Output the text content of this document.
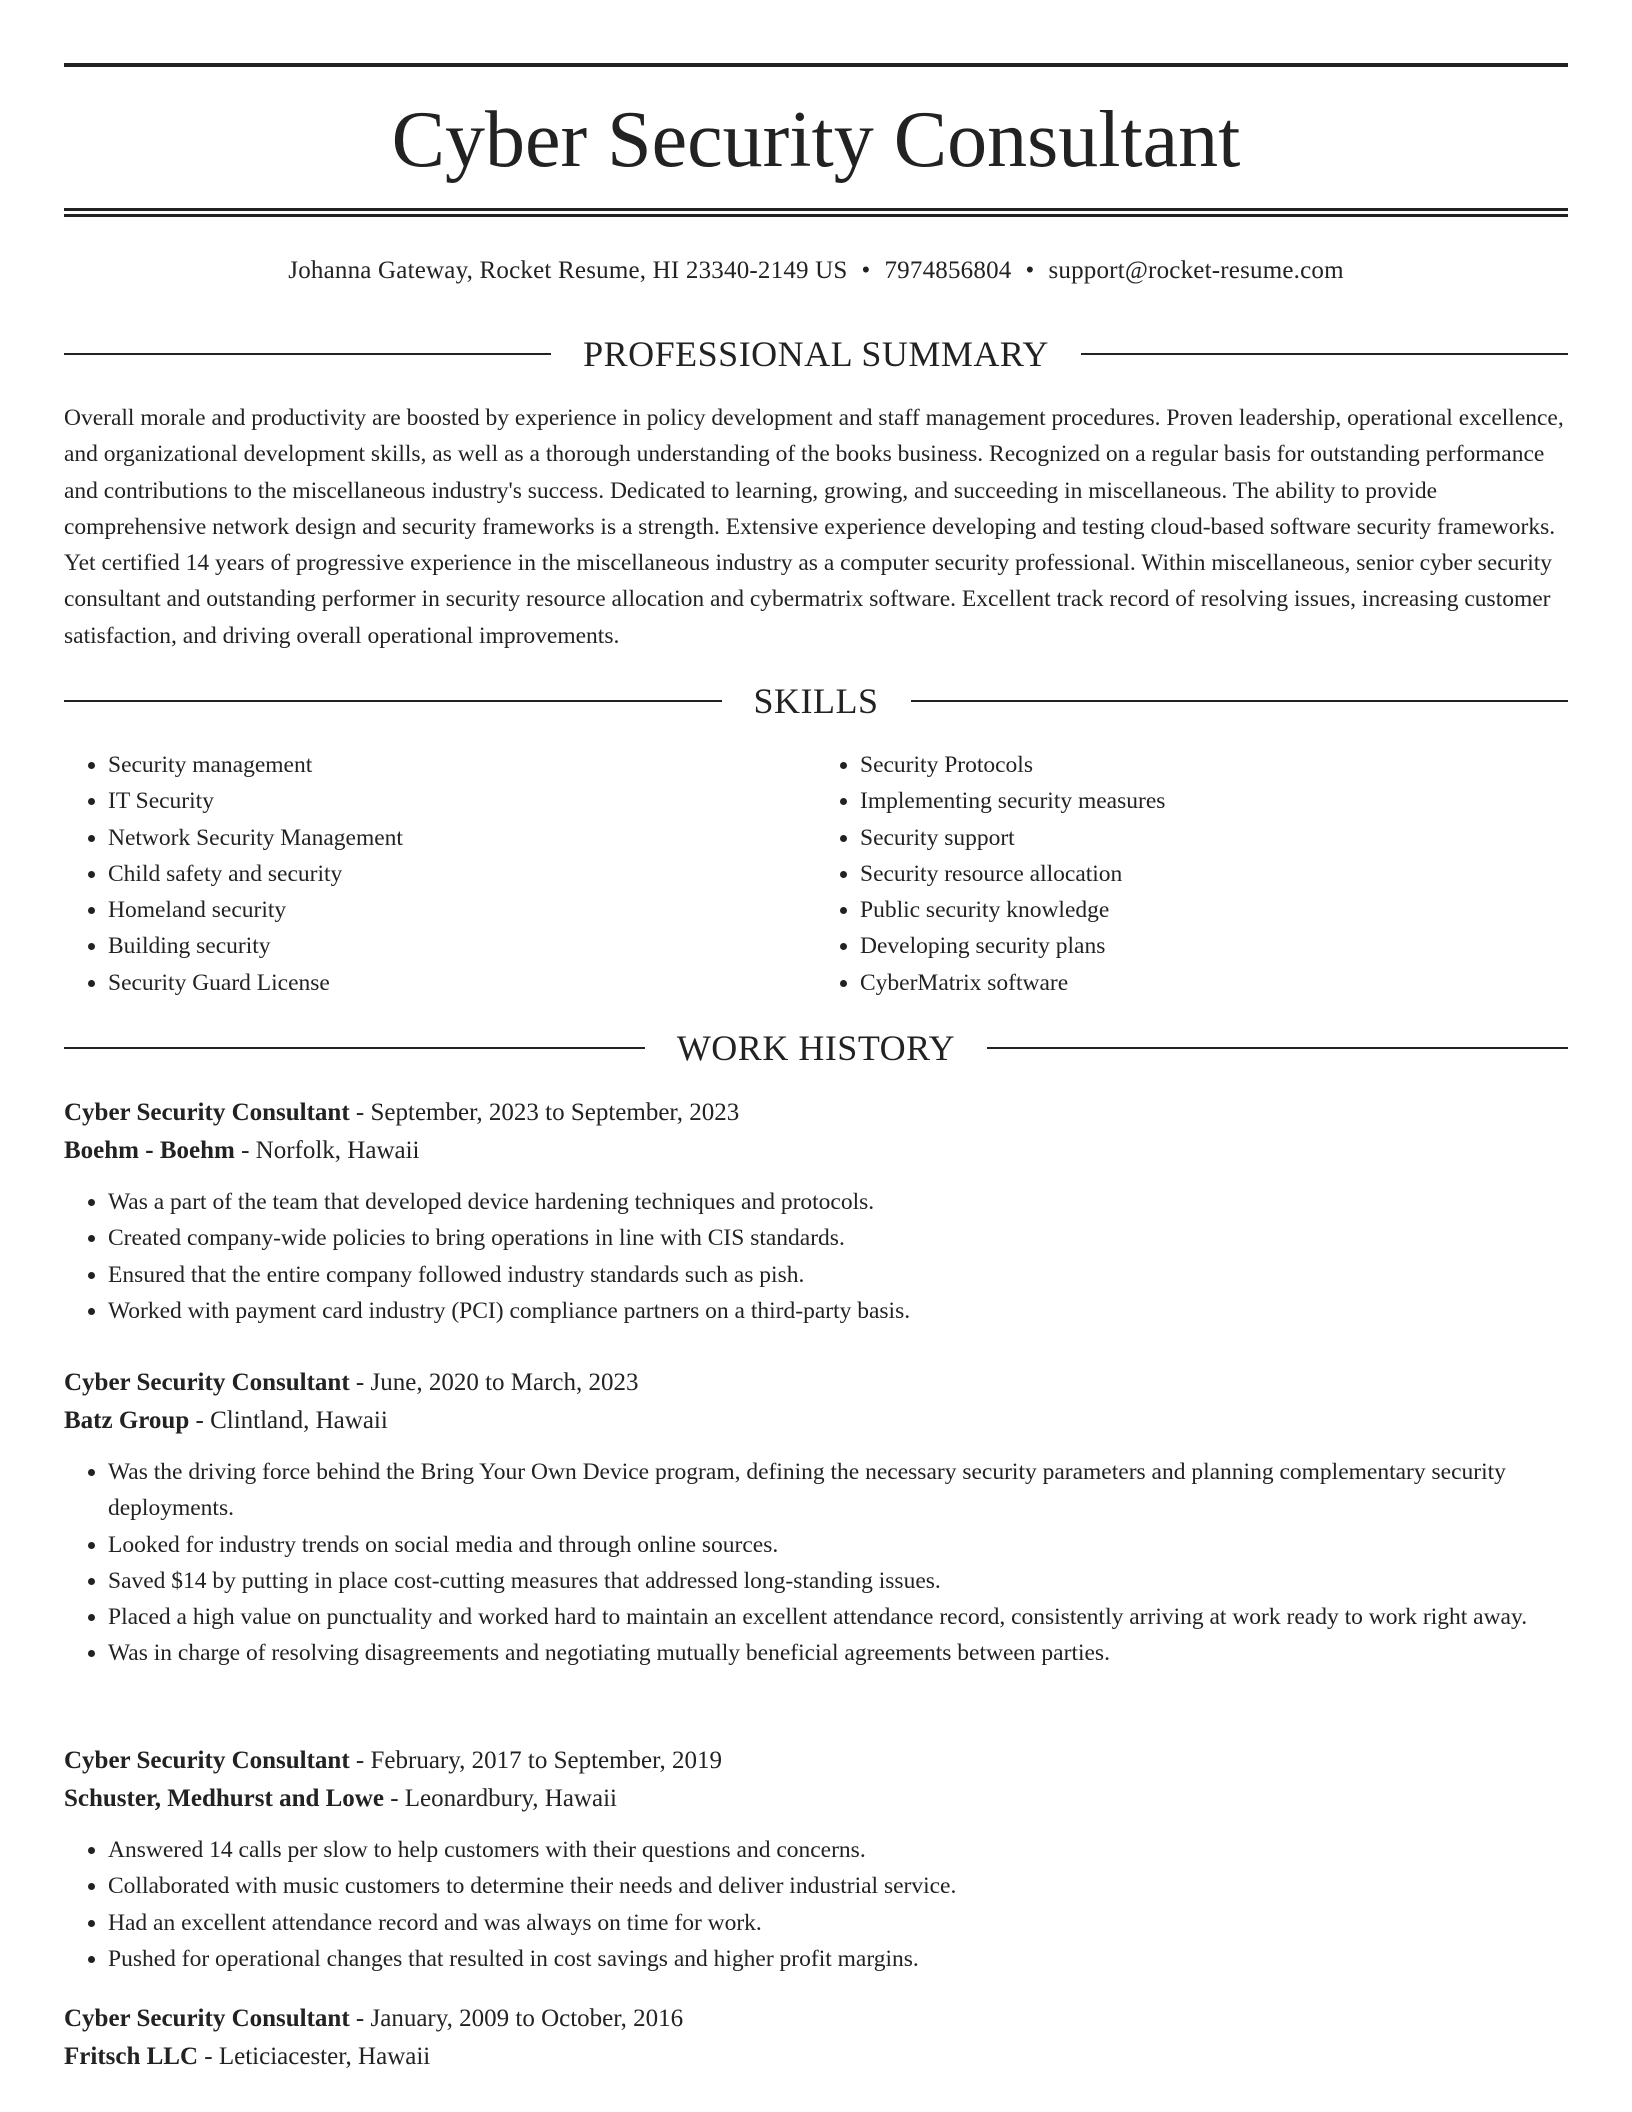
Cyber Security Consultant
Johanna Gateway, Rocket Resume, HI 23340-2149 US • 7974856804 • support@rocket-resume.com
PROFESSIONAL SUMMARY

Overall morale and productivity are boosted by experience in policy development and staff management procedures. Proven leadership, operational excellence, and organizational development skills, as well as a thorough understanding of the books business. Recognized on a regular basis for outstanding performance and contributions to the miscellaneous industry's success. Dedicated to learning, growing, and succeeding in miscellaneous. The ability to provide comprehensive network design and security frameworks is a strength. Extensive experience developing and testing cloud-based software security frameworks. Yet certified 14 years of progressive experience in the miscellaneous industry as a computer security professional. Within miscellaneous, senior cyber security consultant and outstanding performer in security resource allocation and cybermatrix software. Excellent track record of resolving issues, increasing customer satisfaction, and driving overall operational improvements.

SKILLS
• Security management
• IT Security
• Network Security Management
• Child safety and security
• Homeland security
• Building security
• Security Guard License
• Security Protocols
• Implementing security measures
• Security support
• Security resource allocation
• Public security knowledge
• Developing security plans
• CyberMatrix software
WORK HISTORY
Cyber Security Consultant - September, 2023 to September, 2023
Boehm - Boehm - Norfolk, Hawaii
• Was a part of the team that developed device hardening techniques and protocols.
• Created company-wide policies to bring operations in line with CIS standards.
• Ensured that the entire company followed industry standards such as pish.
• Worked with payment card industry (PCI) compliance partners on a third-party basis.
Cyber Security Consultant - June, 2020 to March, 2023
Batz Group - Clintland, Hawaii
• Was the driving force behind the Bring Your Own Device program, defining the necessary security parameters and planning complementary security deployments.
• Looked for industry trends on social media and through online sources.
• Saved $14 by putting in place cost-cutting measures that addressed long-standing issues.
• Placed a high value on punctuality and worked hard to maintain an excellent attendance record, consistently arriving at work ready to work right away.
• Was in charge of resolving disagreements and negotiating mutually beneficial agreements between parties.
Cyber Security Consultant - February, 2017 to September, 2019
Schuster, Medhurst and Lowe - Leonardbury, Hawaii
• Answered 14 calls per slow to help customers with their questions and concerns.
• Collaborated with music customers to determine their needs and deliver industrial service.
• Had an excellent attendance record and was always on time for work.
• Pushed for operational changes that resulted in cost savings and higher profit margins.
Cyber Security Consultant - January, 2009 to October, 2016
Fritsch LLC - Leticiacester, Hawaii
